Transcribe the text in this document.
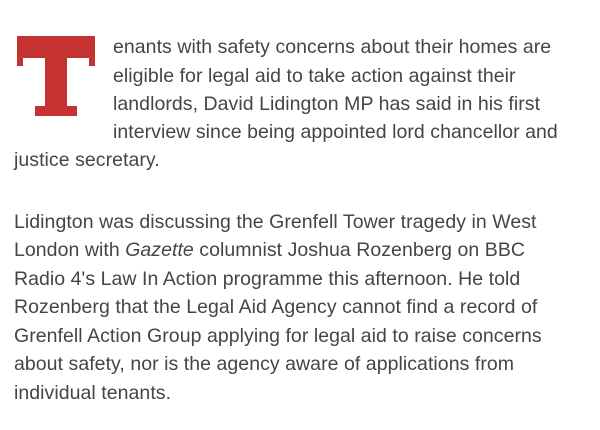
enants with safety concerns about their homes are
eligible for legal aid to take action against their
landlords, David Lidington MP has said in his first
interview since being appointed lord chancellor and
justice secretary.
Lidington was discussing the Grenfell Tower tragedy in West
London with Gazette columnist Joshua Rozenberg on BBC
Radio 4's Law In Action programme this afternoon. He told
Rozenberg that the Legal Aid Agency cannot find a record of
Grenfell Action Group applying for legal aid to raise concerns
about safety, nor is the agency aware of applications from
individual tenants.
